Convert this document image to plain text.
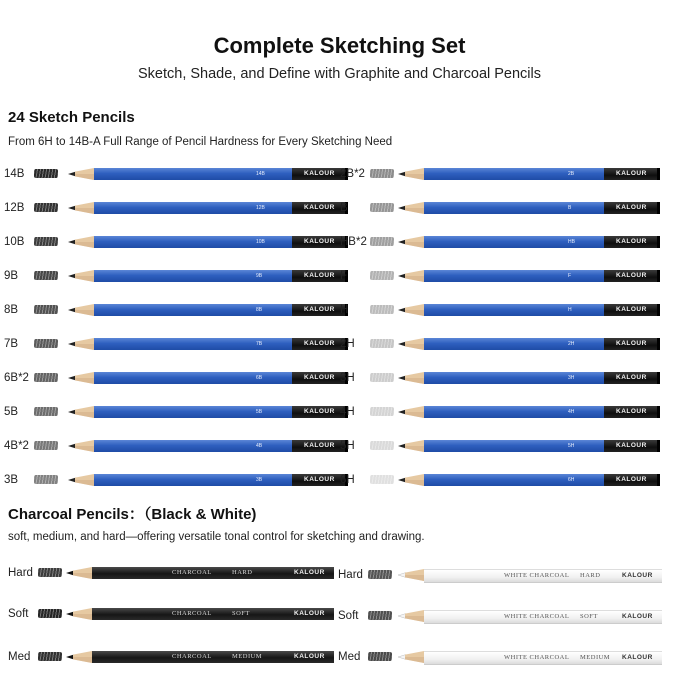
Complete Sketching Set
Sketch, Shade, and Define with Graphite and Charcoal Pencils
24 Sketch Pencils
From 6H to 14B-A Full Range of Pencil Hardness for Every Sketching Need
14B	14B	KALOUR
12B	12B	KALOUR
10B	10B	KALOUR
9B	9B	KALOUR
8B	8B	KALOUR
7B	7B	KALOUR
6B*2	6B	KALOUR
5B	5B	KALOUR
4B*2	4B	KALOUR
3B	3B	KALOUR
2B*2	2B	KALOUR
B	B	KALOUR
HB*2	HB	KALOUR
F	F	KALOUR
H	H	KALOUR
2H	2H	KALOUR
3H	3H	KALOUR
4H	4H	KALOUR
5H	5H	KALOUR
6H	6H	KALOUR
Charcoal Pencils：（Black & White)
soft, medium, and hard—offering versatile tonal control for sketching and drawing.
Hard	CHARCOAL	HARD	KALOUR
Soft	CHARCOAL	SOFT	KALOUR
Med	CHARCOAL	MEDIUM	KALOUR
Hard	WHITE CHARCOAL HARD	KALOUR
Soft	WHITE CHARCOAL SOFT	KALOUR
Med	WHITE CHARCOAL MEDIUM KALOUR
